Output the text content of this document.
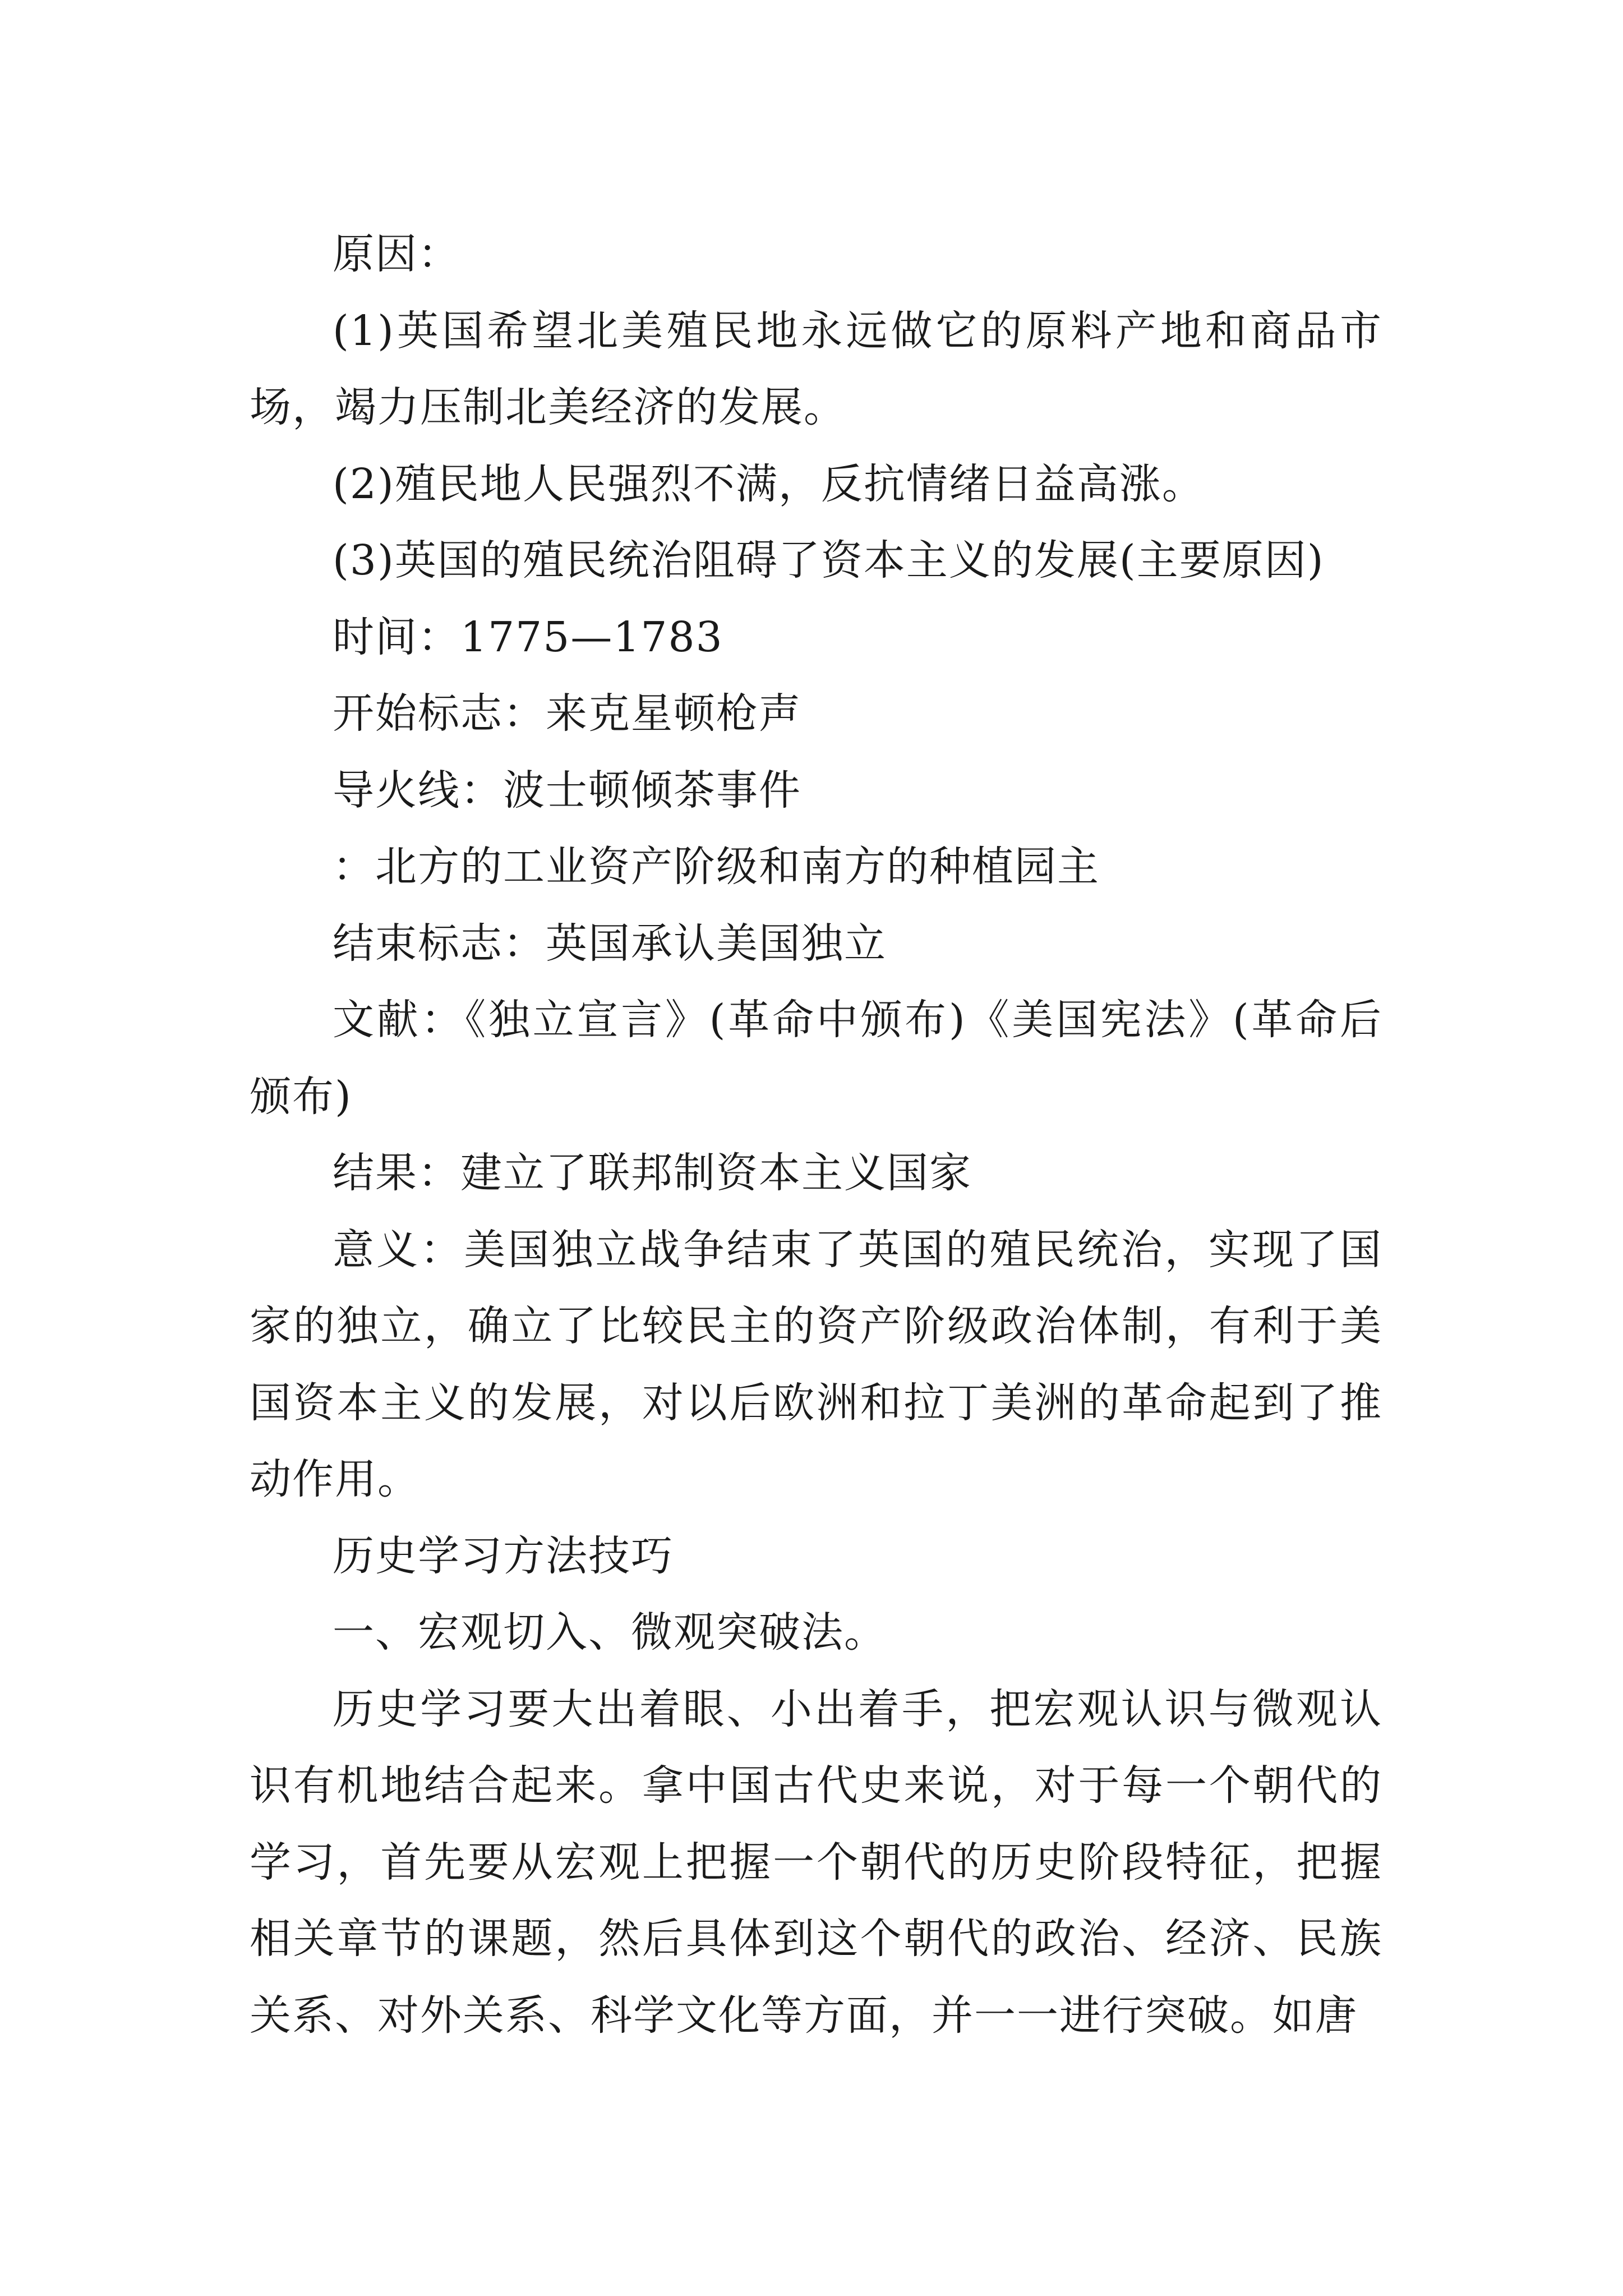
原因：

(1)英国希望北美殖民地永远做它的原料产地和商品市场，竭力压制北美经济的发展。

(2)殖民地人民强烈不满，反抗情绪日益高涨。

(3)英国的殖民统治阻碍了资本主义的发展(主要原因)

时间：1775—1783

开始标志：来克星顿枪声

导火线：波士顿倾茶事件

：北方的工业资产阶级和南方的种植园主

结束标志：英国承认美国独立

文献：《独立宣言》(革命中颁布)《美国宪法》(革命后颁布)

结果：建立了联邦制资本主义国家

意义：美国独立战争结束了英国的殖民统治，实现了国家的独立，确立了比较民主的资产阶级政治体制，有利于美国资本主义的发展，对以后欧洲和拉丁美洲的革命起到了推动作用。

历史学习方法技巧

一、宏观切入、微观突破法。

历史学习要大出着眼、小出着手，把宏观认识与微观认识有机地结合起来。拿中国古代史来说，对于每一个朝代的学习，首先要从宏观上把握一个朝代的历史阶段特征，把握相关章节的课题，然后具体到这个朝代的政治、经济、民族关系、对外关系、科学文化等方面，并一一进行突破。如唐
